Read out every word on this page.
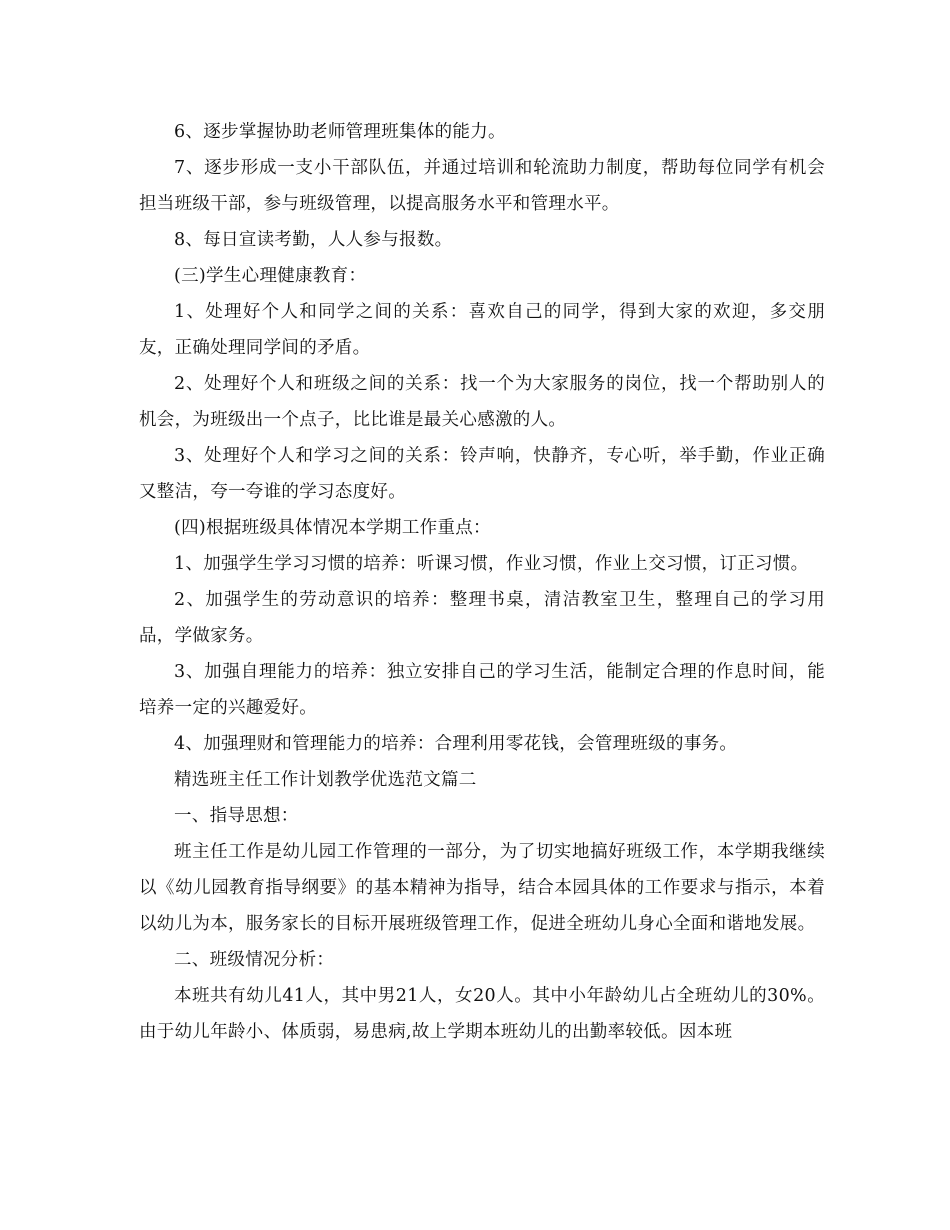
6、逐步掌握协助老师管理班集体的能力。

7、逐步形成一支小干部队伍，并通过培训和轮流助力制度，帮助每位同学有机会担当班级干部，参与班级管理，以提高服务水平和管理水平。

8、每日宣读考勤，人人参与报数。

(三)学生心理健康教育：

1、处理好个人和同学之间的关系：喜欢自己的同学，得到大家的欢迎，多交朋友，正确处理同学间的矛盾。

2、处理好个人和班级之间的关系：找一个为大家服务的岗位，找一个帮助别人的机会，为班级出一个点子，比比谁是最关心感激的人。

3、处理好个人和学习之间的关系：铃声响，快静齐，专心听，举手勤，作业正确又整洁，夸一夸谁的学习态度好。

(四)根据班级具体情况本学期工作重点：

1、加强学生学习习惯的培养：听课习惯，作业习惯，作业上交习惯，订正习惯。

2、加强学生的劳动意识的培养：整理书桌，清洁教室卫生，整理自己的学习用品，学做家务。

3、加强自理能力的培养：独立安排自己的学习生活，能制定合理的作息时间，能培养一定的兴趣爱好。

4、加强理财和管理能力的培养：合理利用零花钱，会管理班级的事务。

精选班主任工作计划教学优选范文篇二

一、指导思想：

班主任工作是幼儿园工作管理的一部分，为了切实地搞好班级工作，本学期我继续以《幼儿园教育指导纲要》的基本精神为指导，结合本园具体的工作要求与指示，本着以幼儿为本，服务家长的目标开展班级管理工作，促进全班幼儿身心全面和谐地发展。

二、班级情况分析：

本班共有幼儿41人，其中男21人，女20人。其中小年龄幼儿占全班幼儿的30%。由于幼儿年龄小、体质弱，易患病,故上学期本班幼儿的出勤率较低。因本班
